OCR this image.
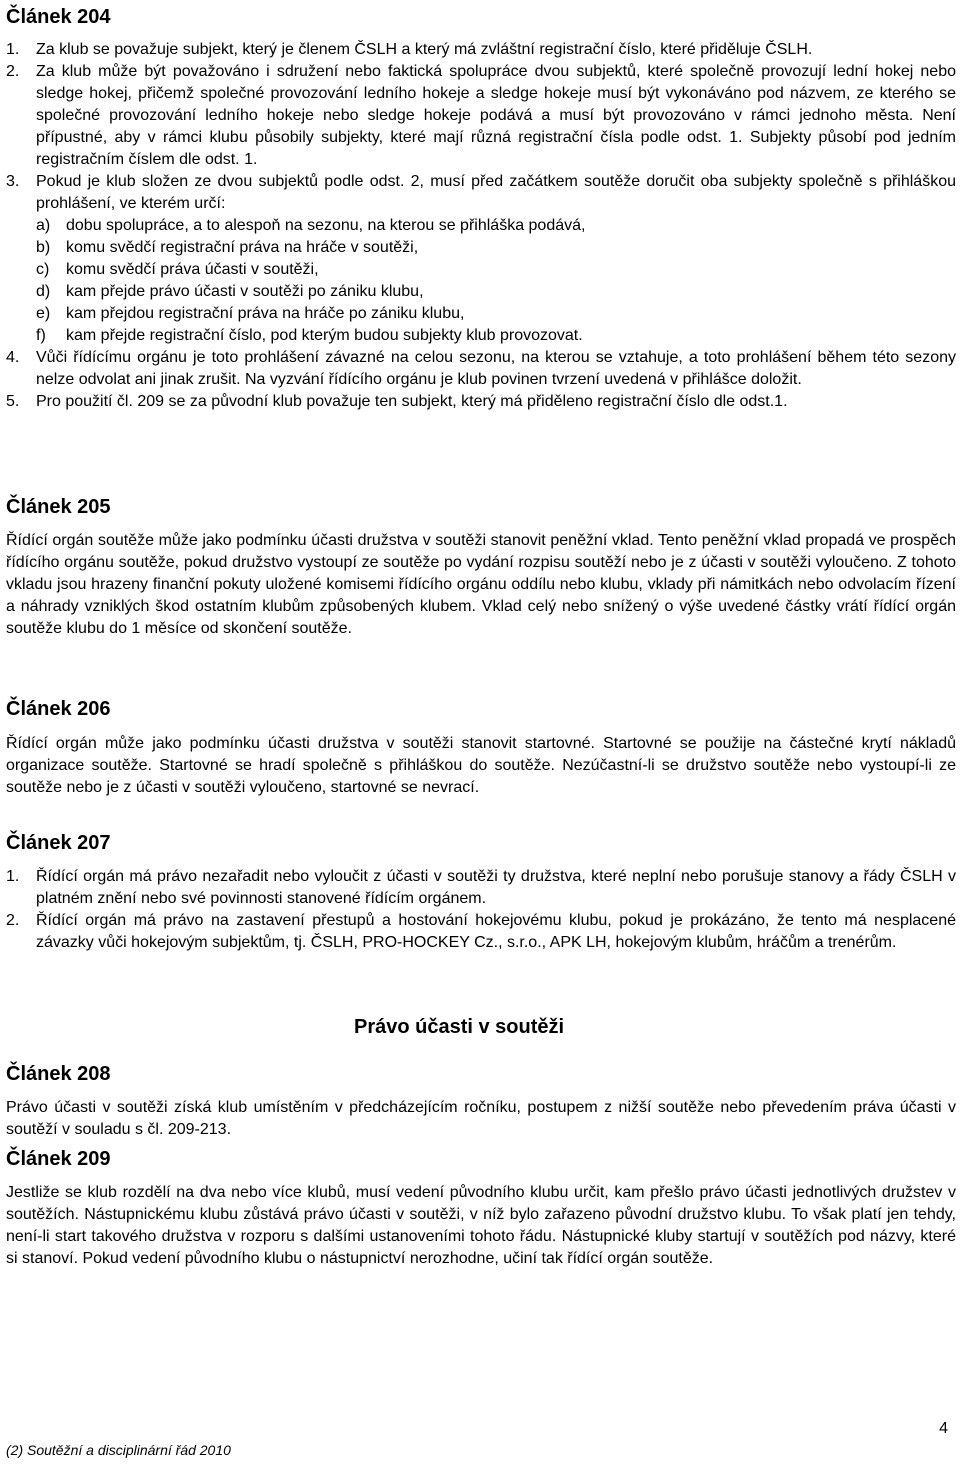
Článek 204
1.	Za klub se považuje subjekt, který je členem ČSLH a který má zvláštní registrační číslo, které přiděluje ČSLH.
2.	Za klub může být považováno i sdružení nebo faktická spolupráce dvou subjektů, které společně provozují lední hokej nebo sledge hokej, přičemž společné provozování ledního hokeje a sledge hokeje musí být vykonáváno pod názvem, ze kterého se společné provozování ledního hokeje nebo sledge hokeje podává a musí být provozováno v rámci jednoho města. Není přípustné, aby v rámci klubu působily subjekty, které mají různá registrační čísla podle odst. 1. Subjekty působí pod jedním registračním číslem dle odst. 1.
3.	Pokud je klub složen ze dvou subjektů podle odst. 2, musí před začátkem soutěže doručit oba subjekty společně s přihláškou prohlášení, ve kterém určí:
a) dobu spolupráce, a to alespoň na sezonu, na kterou se přihláška podává,
b) komu svědčí registrační práva na hráče v soutěži,
c)	komu svědčí práva účasti v soutěži,
d) kam přejde právo účasti v soutěži po zániku klubu,
e) kam přejdou registrační práva na hráče po zániku klubu,
f)	kam přejde registrační číslo, pod kterým budou subjekty klub provozovat.
4.	Vůči řídícímu orgánu je toto prohlášení závazné na celou sezonu, na kterou se vztahuje, a toto prohlášení během této sezony nelze odvolat ani jinak zrušit. Na vyzvání řídícího orgánu je klub povinen tvrzení uvedená v přihlášce doložit.
5.	Pro použití čl. 209 se za původní klub považuje ten subjekt, který má přiděleno registrační číslo dle odst.1.
Článek 205

Řídící orgán soutěže může jako podmínku účasti družstva v soutěži stanovit peněžní vklad. Tento peněžní vklad propadá ve prospěch řídícího orgánu soutěže, pokud družstvo vystoupí ze soutěže po vydání rozpisu soutěží nebo je z účasti v soutěži vyloučeno. Z tohoto vkladu jsou hrazeny finanční pokuty uložené komisemi řídícího orgánu oddílu nebo klubu, vklady při námitkách nebo odvolacím řízení a náhrady vzniklých škod ostatním klubům způsobených klubem. Vklad celý nebo snížený o výše uvedené částky vrátí řídící orgán soutěže klubu do 1 měsíce od skončení soutěže.

Článek 206

Řídící orgán může jako podmínku účasti družstva v soutěži stanovit startovné. Startovné se použije na částečné krytí nákladů organizace soutěže. Startovné se hradí společně s přihláškou do soutěže. Nezúčastní-li se družstvo soutěže nebo vystoupí-li ze soutěže nebo je z účasti v soutěži vyloučeno, startovné se nevrací.

Článek 207
1.	Řídící orgán má právo nezařadit nebo vyloučit z účasti v soutěži ty družstva, které neplní nebo porušuje stanovy a řády ČSLH v platném znění nebo své povinnosti stanovené řídícím orgánem.
2.	Řídící orgán má právo na zastavení přestupů a hostování hokejovému klubu, pokud je prokázáno, že tento má nesplacené závazky vůči hokejovým subjektům, tj. ČSLH, PRO-HOCKEY Cz., s.r.o., APK LH, hokejovým klubům, hráčům a trenérům.
Právo účasti v soutěži
Článek 208

Právo účasti v soutěži získá klub umístěním v předcházejícím ročníku, postupem z nižší soutěže nebo převedením práva účasti v soutěží v souladu s čl. 209-213.

Článek 209

Jestliže se klub rozdělí na dva nebo více klubů, musí vedení původního klubu určit, kam přešlo právo účasti jednotlivých družstev v soutěžích. Nástupnickému klubu zůstává právo účasti v soutěži, v níž bylo zařazeno původní družstvo klubu. To však platí jen tehdy, není-li start takového družstva v rozporu s dalšími ustanoveními tohoto řádu. Nástupnické kluby startují v soutěžích pod názvy, které si stanoví. Pokud vedení původního klubu o nástupnictví nerozhodne, učiní tak řídící orgán soutěže.

(2) Soutěžní a disciplinární řád 2010
4
